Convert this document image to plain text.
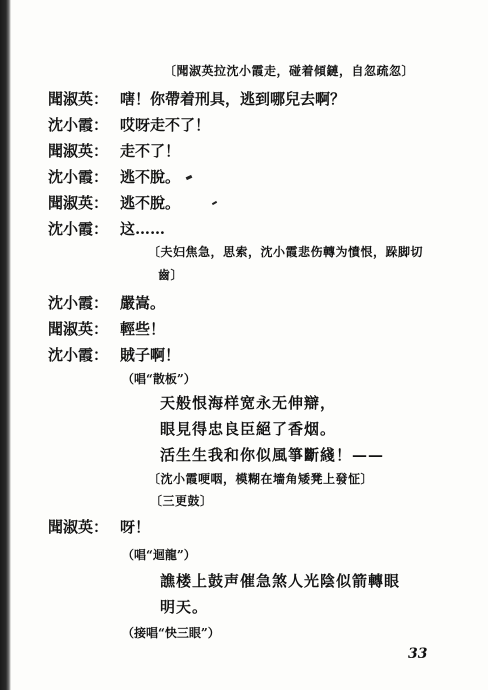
〔聞淑英拉沈小霞走，碰着傾鏈，自忽疏忽〕
聞淑英： 嗐！你帶着刑具，逃到哪兒去啊？
沈小霞： 哎呀走不了！
聞淑英： 走不了！
沈小霞： 逃不脫。
聞淑英： 逃不脫。
沈小霞： 这……
〔夫妇焦急，思索，沈小霞悲伤轉为憤恨，跺脚切
齒〕
沈小霞： 嚴嵩。
聞淑英： 輕些！
沈小霞： 賊子啊！
（唱“散板”）
天般恨海样宽永无伸辯，
眼見得忠良臣絕了香烟。
活生生我和你似風箏斷綫！——
〔沈小霞哽咽，模糊在墻角矮凳上發怔〕
〔三更鼓〕
聞淑英： 呀！
（唱“迴龍”）
譙楼上鼓声催急煞人光陰似箭轉眼
明天。
（接唱“快三眼”）
33
